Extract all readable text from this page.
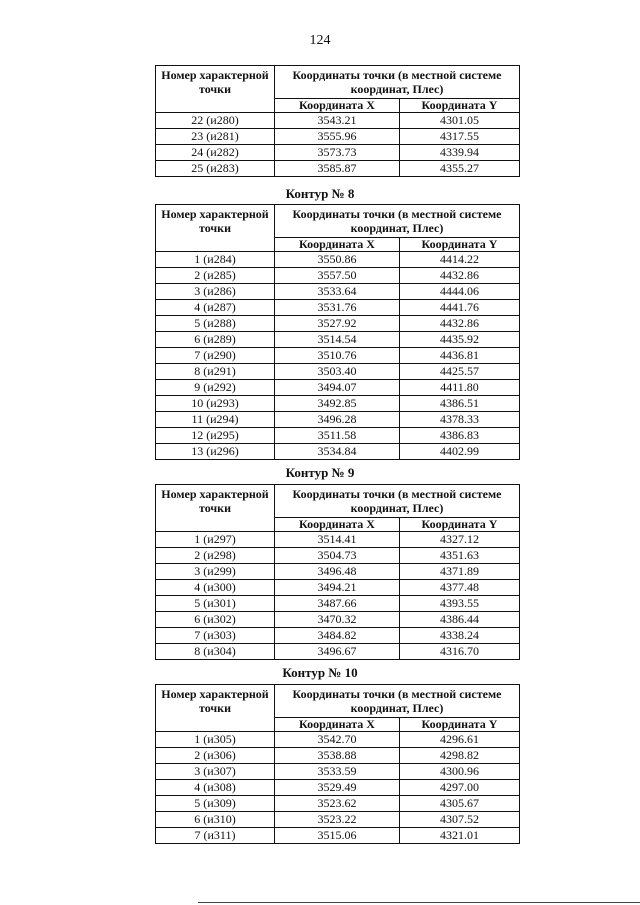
124
Номер характерной точки	Координаты точки (в местной системе координат, Плес)	
	Координата X	Координата Y
22 (и280)	3543.21	4301.05
23 (и281)	3555.96	4317.55
24 (и282)	3573.73	4339.94
25 (и283)	3585.87	4355.27
Контур № 8
Номер характерной точки	Координаты точки (в местной системе координат, Плес)	
	Координата X	Координата Y
1 (и284)	3550.86	4414.22
2 (и285)	3557.50	4432.86
3 (и286)	3533.64	4444.06
4 (и287)	3531.76	4441.76
5 (и288)	3527.92	4432.86
6 (и289)	3514.54	4435.92
7 (и290)	3510.76	4436.81
8 (и291)	3503.40	4425.57
9 (и292)	3494.07	4411.80
10 (и293)	3492.85	4386.51
11 (и294)	3496.28	4378.33
12 (и295)	3511.58	4386.83
13 (и296)	3534.84	4402.99
Контур № 9
Номер характерной точки	Координаты точки (в местной системе координат, Плес)	
	Координата X	Координата Y
1 (и297)	3514.41	4327.12
2 (и298)	3504.73	4351.63
3 (и299)	3496.48	4371.89
4 (и300)	3494.21	4377.48
5 (и301)	3487.66	4393.55
6 (и302)	3470.32	4386.44
7 (и303)	3484.82	4338.24
8 (и304)	3496.67	4316.70
Контур № 10
Номер характерной точки	Координаты точки (в местной системе координат, Плес)	
	Координата X	Координата Y
1 (и305)	3542.70	4296.61
2 (и306)	3538.88	4298.82
3 (и307)	3533.59	4300.96
4 (и308)	3529.49	4297.00
5 (и309)	3523.62	4305.67
6 (и310)	3523.22	4307.52
7 (и311)	3515.06	4321.01
